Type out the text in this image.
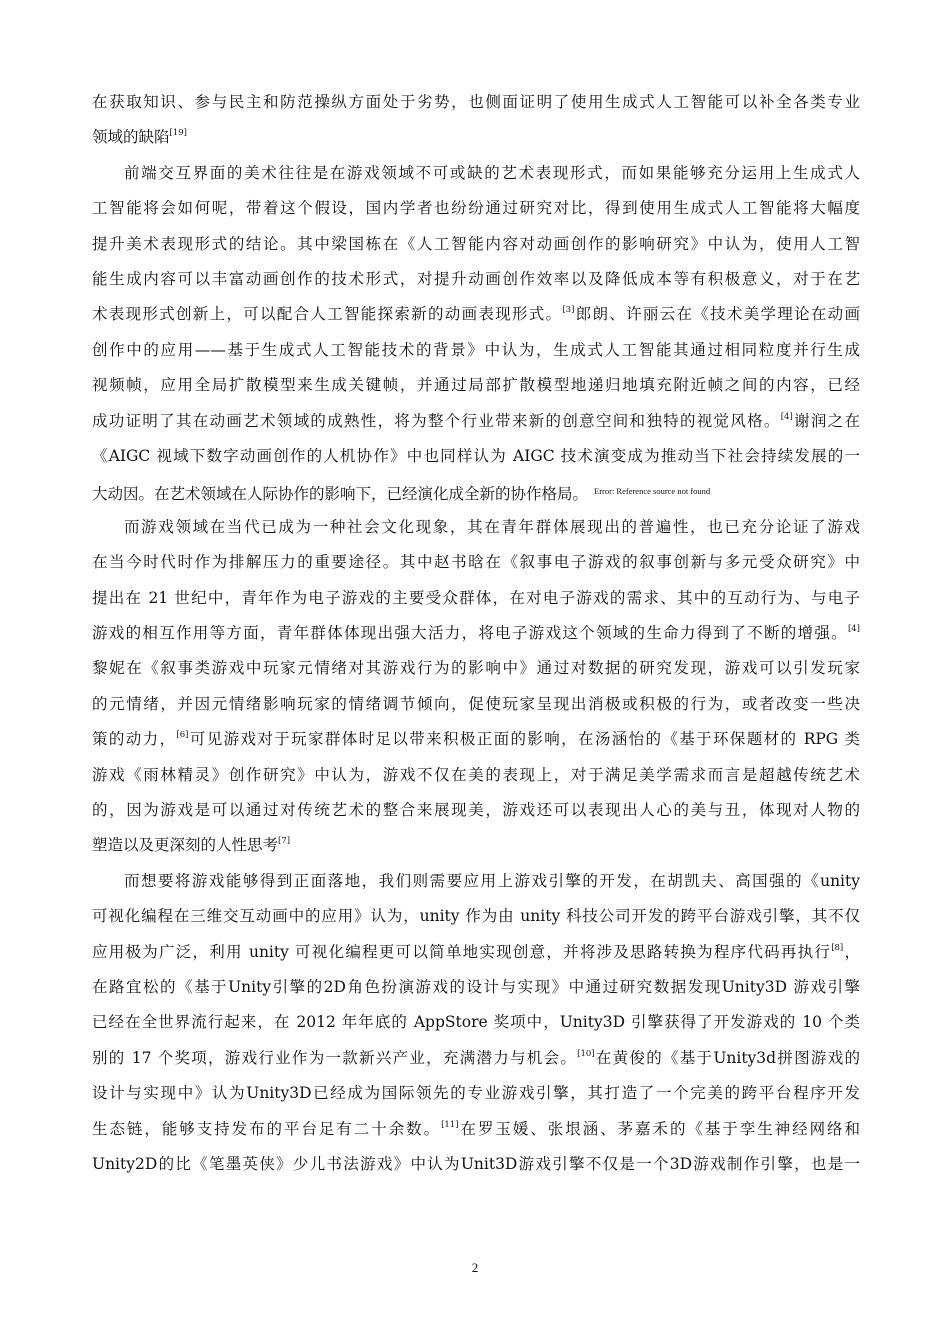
在获取知识、参与民主和防范操纵方面处于劣势，也侧面证明了使用生成式人工智能可以补全各类专业
领域的缺陷[19]
前端交互界面的美术往往是在游戏领域不可或缺的艺术表现形式，而如果能够充分运用上生成式人
工智能将会如何呢，带着这个假设，国内学者也纷纷通过研究对比，得到使用生成式人工智能将大幅度
提升美术表现形式的结论。其中梁国栋在《人工智能内容对动画创作的影响研究》中认为，使用人工智
能生成内容可以丰富动画创作的技术形式，对提升动画创作效率以及降低成本等有积极意义，对于在艺
术表现形式创新上，可以配合人工智能探索新的动画表现形式。[3]郎朗、许丽云在《技术美学理论在动画
创作中的应用——基于生成式人工智能技术的背景》中认为，生成式人工智能其通过相同粒度并行生成
视频帧，应用全局扩散模型来生成关键帧，并通过局部扩散模型地递归地填充附近帧之间的内容，已经
成功证明了其在动画艺术领域的成熟性，将为整个行业带来新的创意空间和独特的视觉风格。[4]谢润之在
《AIGC 视域下数字动画创作的人机协作》中也同样认为 AIGC 技术演变成为推动当下社会持续发展的一
大动因。在艺术领域在人际协作的影响下，已经演化成全新的协作格局。 $^{Error: Reference source not found}$
而游戏领域在当代已成为一种社会文化现象，其在青年群体展现出的普遍性，也已充分论证了游戏
在当今时代时作为排解压力的重要途径。其中赵书晗在《叙事电子游戏的叙事创新与多元受众研究》中
提出在 21 世纪中，青年作为电子游戏的主要受众群体，在对电子游戏的需求、其中的互动行为、与电子
游戏的相互作用等方面，青年群体体现出强大活力，将电子游戏这个领域的生命力得到了不断的增强。[4]
黎妮在《叙事类游戏中玩家元情绪对其游戏行为的影响中》通过对数据的研究发现，游戏可以引发玩家
的元情绪，并因元情绪影响玩家的情绪调节倾向，促使玩家呈现出消极或积极的行为，或者改变一些决
策的动力，[6]可见游戏对于玩家群体时足以带来积极正面的影响，在汤涵怡的《基于环保题材的 RPG 类
游戏《雨林精灵》创作研究》中认为，游戏不仅在美的表现上，对于满足美学需求而言是超越传统艺术
的，因为游戏是可以通过对传统艺术的整合来展现美，游戏还可以表现出人心的美与丑，体现对人物的
塑造以及更深刻的人性思考[7]
而想要将游戏能够得到正面落地，我们则需要应用上游戏引擎的开发，在胡凯夫、高国强的《unity
可视化编程在三维交互动画中的应用》认为，unity 作为由 unity 科技公司开发的跨平台游戏引擎，其不仅
应用极为广泛，利用 unity 可视化编程更可以简单地实现创意，并将涉及思路转换为程序代码再执行[8]，
在路宜松的《基于Unity引擎的2D角色扮演游戏的设计与实现》中通过研究数据发现Unity3D 游戏引擎
已经在全世界流行起来，在 2012 年年底的 AppStore 奖项中，Unity3D 引擎获得了开发游戏的 10 个类
别的 17 个奖项，游戏行业作为一款新兴产业，充满潜力与机会。[10]在黄俊的《基于Unity3d拼图游戏的
设计与实现中》认为Unity3D已经成为国际领先的专业游戏引擎，其打造了一个完美的跨平台程序开发
生态链，能够支持发布的平台足有二十余数。[11]在罗玉媛、张垠涵、茅嘉禾的《基于孪生神经网络和
Unity2D的比《笔墨英侠》少儿书法游戏》中认为Unit3D游戏引擎不仅是一个3D游戏制作引擎，也是一
2
